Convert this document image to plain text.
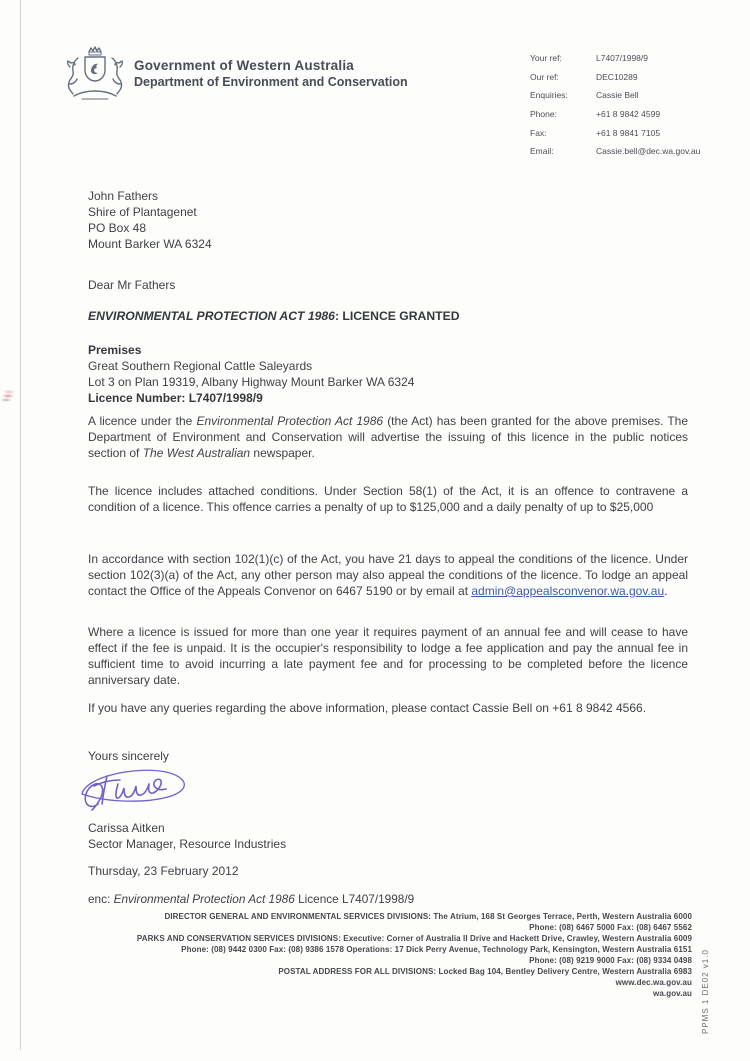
Government of Western Australia
Department of Environment and Conservation
Your ref:	L7407/1998/9
Our ref:	DEC10289
Enquiries:	Cassie Bell
Phone:	+61 8 9842 4599
Fax:	+61 8 9841 7105
Email:	Cassie.bell@dec.wa.gov.au
John Fathers
Shire of Plantagenet
PO Box 48
Mount Barker WA 6324
Dear Mr Fathers
ENVIRONMENTAL PROTECTION ACT 1986: LICENCE GRANTED
Premises
Great Southern Regional Cattle Saleyards
Lot 3 on Plan 19319, Albany Highway Mount Barker WA 6324
Licence Number: L7407/1998/9
A licence under the Environmental Protection Act 1986 (the Act) has been granted for the above premises. The Department of Environment and Conservation will advertise the issuing of this licence in the public notices section of The West Australian newspaper.
The licence includes attached conditions. Under Section 58(1) of the Act, it is an offence to contravene a condition of a licence. This offence carries a penalty of up to $125,000 and a daily penalty of up to $25,000
In accordance with section 102(1)(c) of the Act, you have 21 days to appeal the conditions of the licence. Under section 102(3)(a) of the Act, any other person may also appeal the conditions of the licence. To lodge an appeal contact the Office of the Appeals Convenor on 6467 5190 or by email at admin@appealsconvenor.wa.gov.au.
Where a licence is issued for more than one year it requires payment of an annual fee and will cease to have effect if the fee is unpaid. It is the occupier's responsibility to lodge a fee application and pay the annual fee in sufficient time to avoid incurring a late payment fee and for processing to be completed before the licence anniversary date.
If you have any queries regarding the above information, please contact Cassie Bell on +61 8 9842 4566.
Yours sincerely
Carissa Aitken
Sector Manager, Resource Industries
Thursday, 23 February 2012
enc: Environmental Protection Act 1986 Licence L7407/1998/9
DIRECTOR GENERAL AND ENVIRONMENTAL SERVICES DIVISIONS: The Atrium, 168 St Georges Terrace, Perth, Western Australia 6000
Phone: (08) 6467 5000 Fax: (08) 6467 5562
PARKS AND CONSERVATION SERVICES DIVISIONS: Executive: Corner of Australia II Drive and Hackett Drive, Crawley, Western Australia 6009
Phone: (08) 9442 0300 Fax: (08) 9386 1578 Operations: 17 Dick Perry Avenue, Technology Park, Kensington, Western Australia 6151
Phone: (08) 9219 9000 Fax: (08) 9334 0498
POSTAL ADDRESS FOR ALL DIVISIONS: Locked Bag 104, Bentley Delivery Centre, Western Australia 6983
www.dec.wa.gov.au
wa.gov.au PPMS 1 DE02 v1.0
